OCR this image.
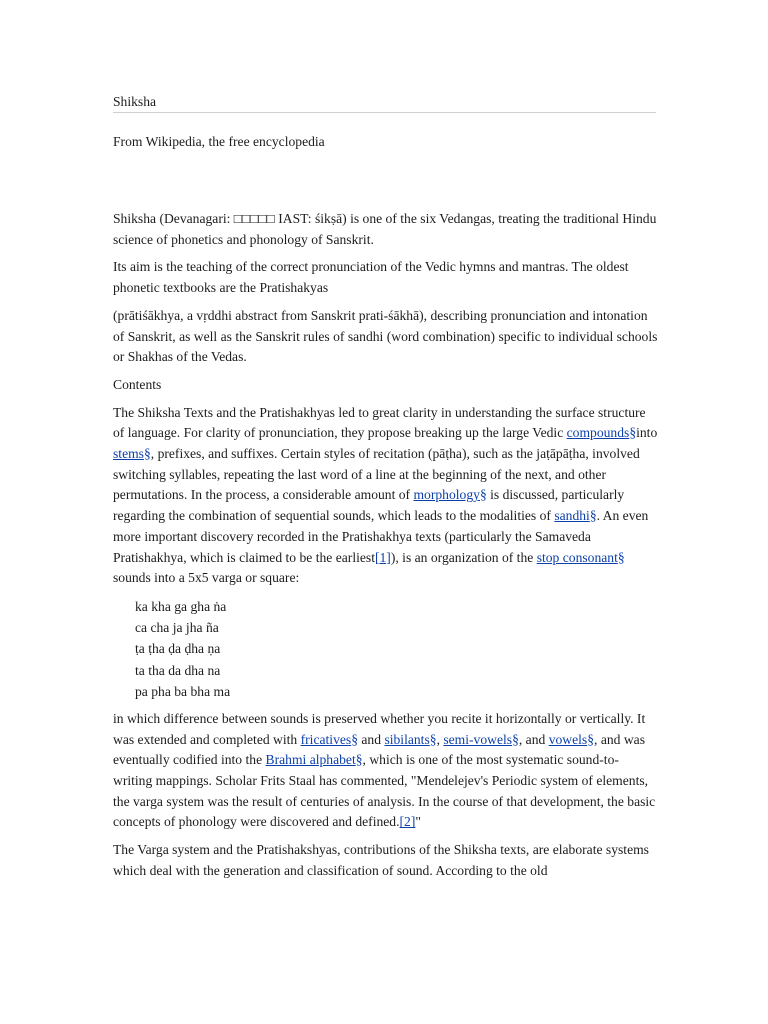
Shiksha
From Wikipedia, the free encyclopedia

Shiksha (Devanagari: □□□□□ IAST: śikṣā) is one of the six Vedangas, treating the traditional Hindu science of phonetics and phonology of Sanskrit.

Its aim is the teaching of the correct pronunciation of the Vedic hymns and mantras. The oldest phonetic textbooks are the Pratishakyas

(prātiśākhya, a vṛddhi abstract from Sanskrit prati-śākhā), describing pronunciation and intonation of Sanskrit, as well as the Sanskrit rules of sandhi (word combination) specific to individual schools or Shakhas of the Vedas.

Contents

The Shiksha Texts and the Pratishakhyas led to great clarity in understanding the surface structure of language. For clarity of pronunciation, they propose breaking up the large Vedic compounds§into stems§, prefixes, and suffixes. Certain styles of recitation (pāṭha), such as the jaṭāpāṭha, involved switching syllables, repeating the last word of a line at the beginning of the next, and other permutations. In the process, a considerable amount of morphology§ is discussed, particularly regarding the combination of sequential sounds, which leads to the modalities of sandhi§. An even more important discovery recorded in the Pratishakhya texts (particularly the Samaveda Pratishakhya, which is claimed to be the earliest[1]), is an organization of the stop consonant§ sounds into a 5x5 varga or square:

ka kha ga gha ṅa
ca cha ja jha ña
ṭa ṭha ḍa ḍha ṇa
ta tha da dha na
pa pha ba bha ma

in which difference between sounds is preserved whether you recite it horizontally or vertically. It was extended and completed with fricatives§ and sibilants§, semi-vowels§, and vowels§, and was eventually codified into the Brahmi alphabet§, which is one of the most systematic sound-to-writing mappings. Scholar Frits Staal has commented, "Mendelejev's Periodic system of elements, the varga system was the result of centuries of analysis. In the course of that development, the basic concepts of phonology were discovered and defined.[2]"

The Varga system and the Pratishakshyas, contributions of the Shiksha texts, are elaborate systems which deal with the generation and classification of sound. According to the old
